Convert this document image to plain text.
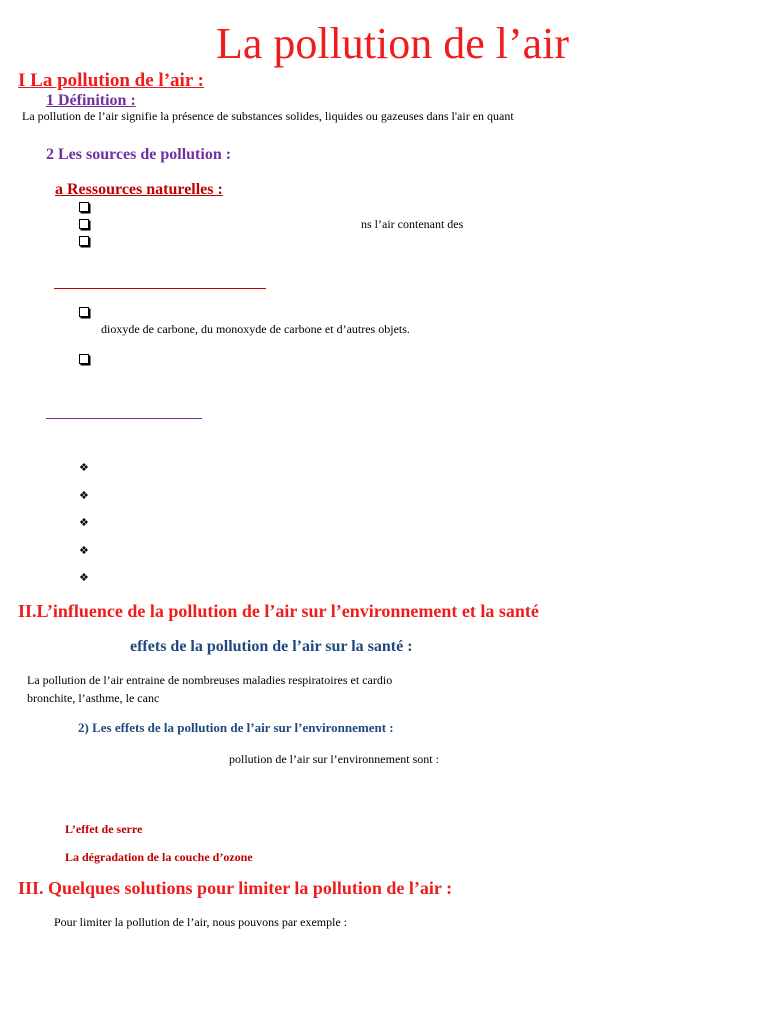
La pollution de l’air
I La pollution de l’air :
1 Définition :
La pollution de l’air signifie la présence de substances solides, liquides ou gazeuses dans l'air en quant
2 Les sources de pollution :
a Ressources naturelles :
ns l’air contenant des
dioxyde de carbone, du monoxyde de carbone et d’autres objets.
❖
❖
❖
❖
❖
II.L’influence de la pollution de l’air sur l’environnement et la santé
effets de la pollution de l’air sur la santé :
La pollution de l’air entraine de nombreuses maladies respiratoires et cardio
bronchite, l’asthme, le canc
2) Les effets de la pollution de l’air sur l’environnement :
pollution de l’air sur l’environnement sont :
L’effet de serre
La dégradation de la couche d’ozone
III. Quelques solutions pour limiter la pollution de l’air :
Pour limiter la pollution de l’air, nous pouvons par exemple :
